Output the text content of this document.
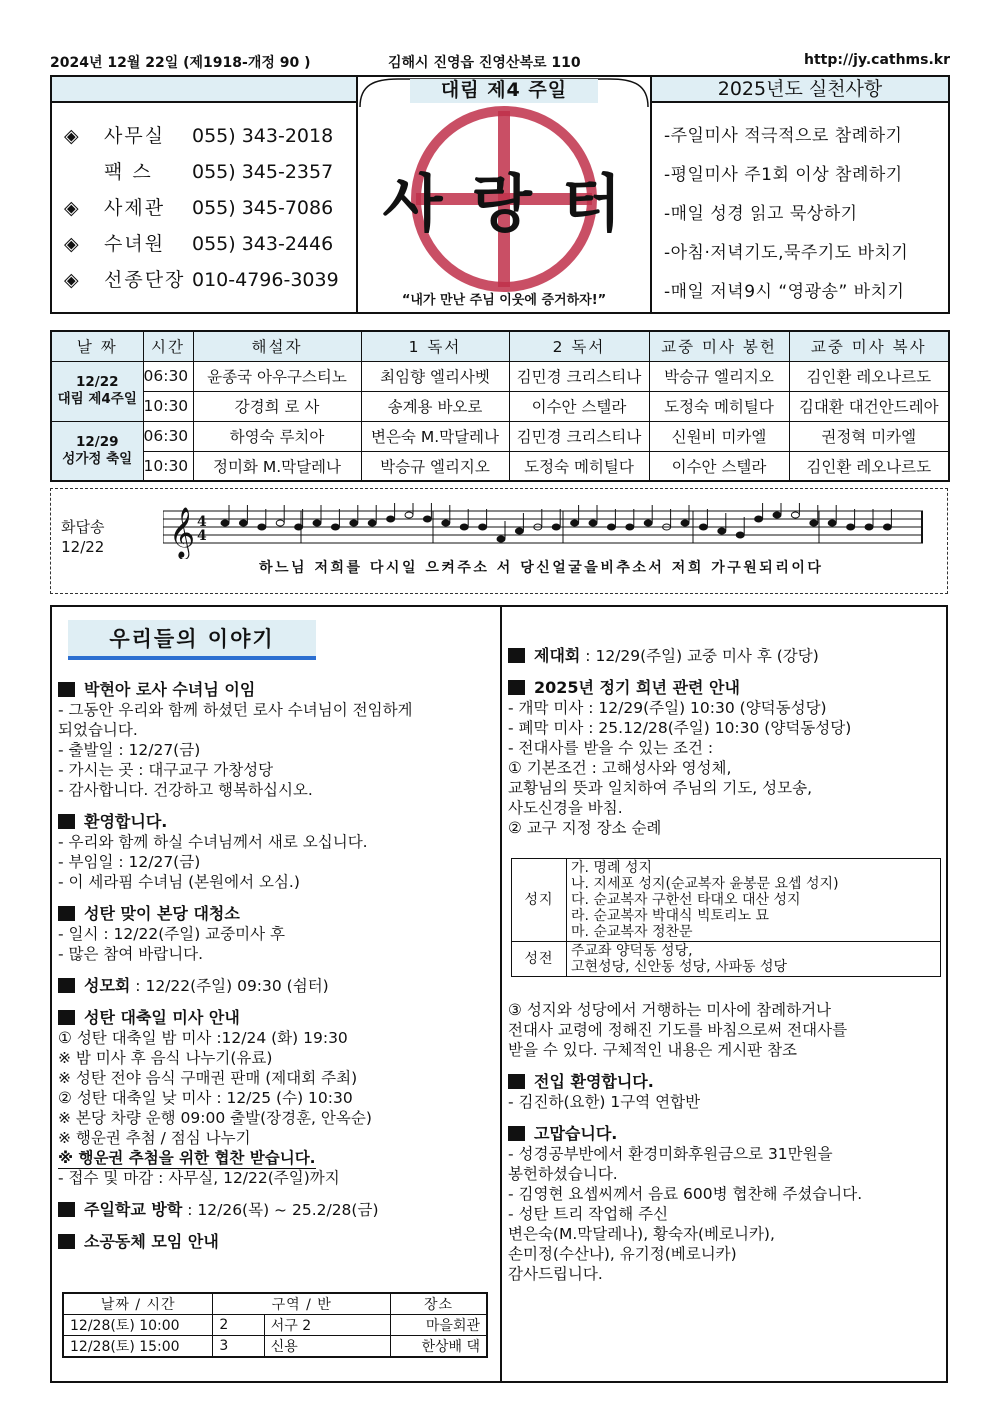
2024년 12월 22일 (제1918-개정 90 )	김해시 진영읍 진영산복로 110	http://jy.cathms.kr
◈ 사무실 055) 343-2018
팩 스 055) 345-2357
◈ 사제관 055) 345-7086
◈ 수녀원 055) 343-2446
◈ 선종단장 010-4796-3039
대림 제4 주일
사 랑 터
“내가 만난 주님 이웃에 증거하자!”
2025년도 실천사항
-주일미사 적극적으로 참례하기
-평일미사 주1회 이상 참례하기
-매일 성경 읽고 묵상하기
-아침·저녁기도,묵주기도 바치기
-매일 저녁9시 “영광송” 바치기
날 짜	시간	해설자	1 독서	2 독서	교중 미사 봉헌	교중 미사 복사

12/22
대림 제4주일	06:30	윤종국 아우구스티노	최임향 엘리사벳	김민경 크리스티나	박승규 엘리지오	김인환 레오나르도
	10:30	강경희 로 사	송계용 바오로	이수안 스텔라	도정숙 메히틸다	김대환 대건안드레아

12/29
성가정 축일	06:30	하영숙 루치아	변은숙 M.막달레나	김민경 크리스티나	신원비 미카엘	권정혁 미카엘
	10:30	정미화 M.막달레나	박승규 엘리지오	도정숙 메히틸다	이수안 스텔라	김인환 레오나르도
화답송
12/22 𝄞 4
4
하느님 저희를 다시일 으켜주소 서 당신얼굴을비추소서 저희 가구원되리이다
우리들의 이야기
박현아 로사 수녀님 이임
- 그동안 우리와 함께 하셨던 로사 수녀님이 전임하게
되었습니다.
- 출발일 : 12/27(금)
- 가시는 곳 : 대구교구 가창성당
- 감사합니다. 건강하고 행복하십시오.
환영합니다.
- 우리와 함께 하실 수녀님께서 새로 오십니다.
- 부임일 : 12/27(금)
- 이 세라핌 수녀님 (본원에서 오심.)
성탄 맞이 본당 대청소
- 일시 : 12/22(주일) 교중미사 후
- 많은 참여 바랍니다.
성모회 : 12/22(주일) 09:30 (쉼터)
성탄 대축일 미사 안내
① 성탄 대축일 밤 미사 :12/24 (화) 19:30
※ 밤 미사 후 음식 나누기(유료)
※ 성탄 전야 음식 구매권 판매 (제대회 주최)
② 성탄 대축일 낮 미사 : 12/25 (수) 10:30
※ 본당 차량 운행 09:00 출발(장경훈, 안옥순)
※ 행운권 추첨 / 점심 나누기
※ 행운권 추첨을 위한 협찬 받습니다.
- 접수 및 마감 : 사무실, 12/22(주일)까지
주일학교 방학 : 12/26(목) ~ 25.2/28(금)
소공동체 모임 안내
날짜 / 시간	구역 / 반		장소
12/28(토) 10:00	2	서구 2	마을회관
12/28(토) 15:00	3	신용	한상배 댁
제대회 : 12/29(주일) 교중 미사 후 (강당)
2025년 정기 희년 관련 안내
- 개막 미사 : 12/29(주일) 10:30 (양덕동성당)
- 폐막 미사 : 25.12/28(주일) 10:30 (양덕동성당)
- 전대사를 받을 수 있는 조건 :
① 기본조건 : 고해성사와 영성체,
교황님의 뜻과 일치하여 주님의 기도, 성모송,
사도신경을 바침.
② 교구 지정 장소 순례
성지	가. 명례 성지
나. 지세포 성지(순교복자 윤봉문 요셉 성지)
다. 순교복자 구한선 타대오 대산 성지
라. 순교복자 박대식 빅토리노 묘
마. 순교복자 정찬문

성전	주교좌 양덕동 성당,
고현성당, 신안동 성당, 사파동 성당
③ 성지와 성당에서 거행하는 미사에 참례하거나
전대사 교령에 정해진 기도를 바침으로써 전대사를
받을 수 있다. 구체적인 내용은 게시판 참조
전입 환영합니다.
- 김진하(요한) 1구역 연합반
고맙습니다.
- 성경공부반에서 환경미화후원금으로 31만원을
봉헌하셨습니다.
- 김영현 요셉씨께서 음료 600병 협찬해 주셨습니다.
- 성탄 트리 작업해 주신
변은숙(M.막달레나), 황숙자(베로니카),
손미정(수산나), 유기정(베로니카)
감사드립니다.
